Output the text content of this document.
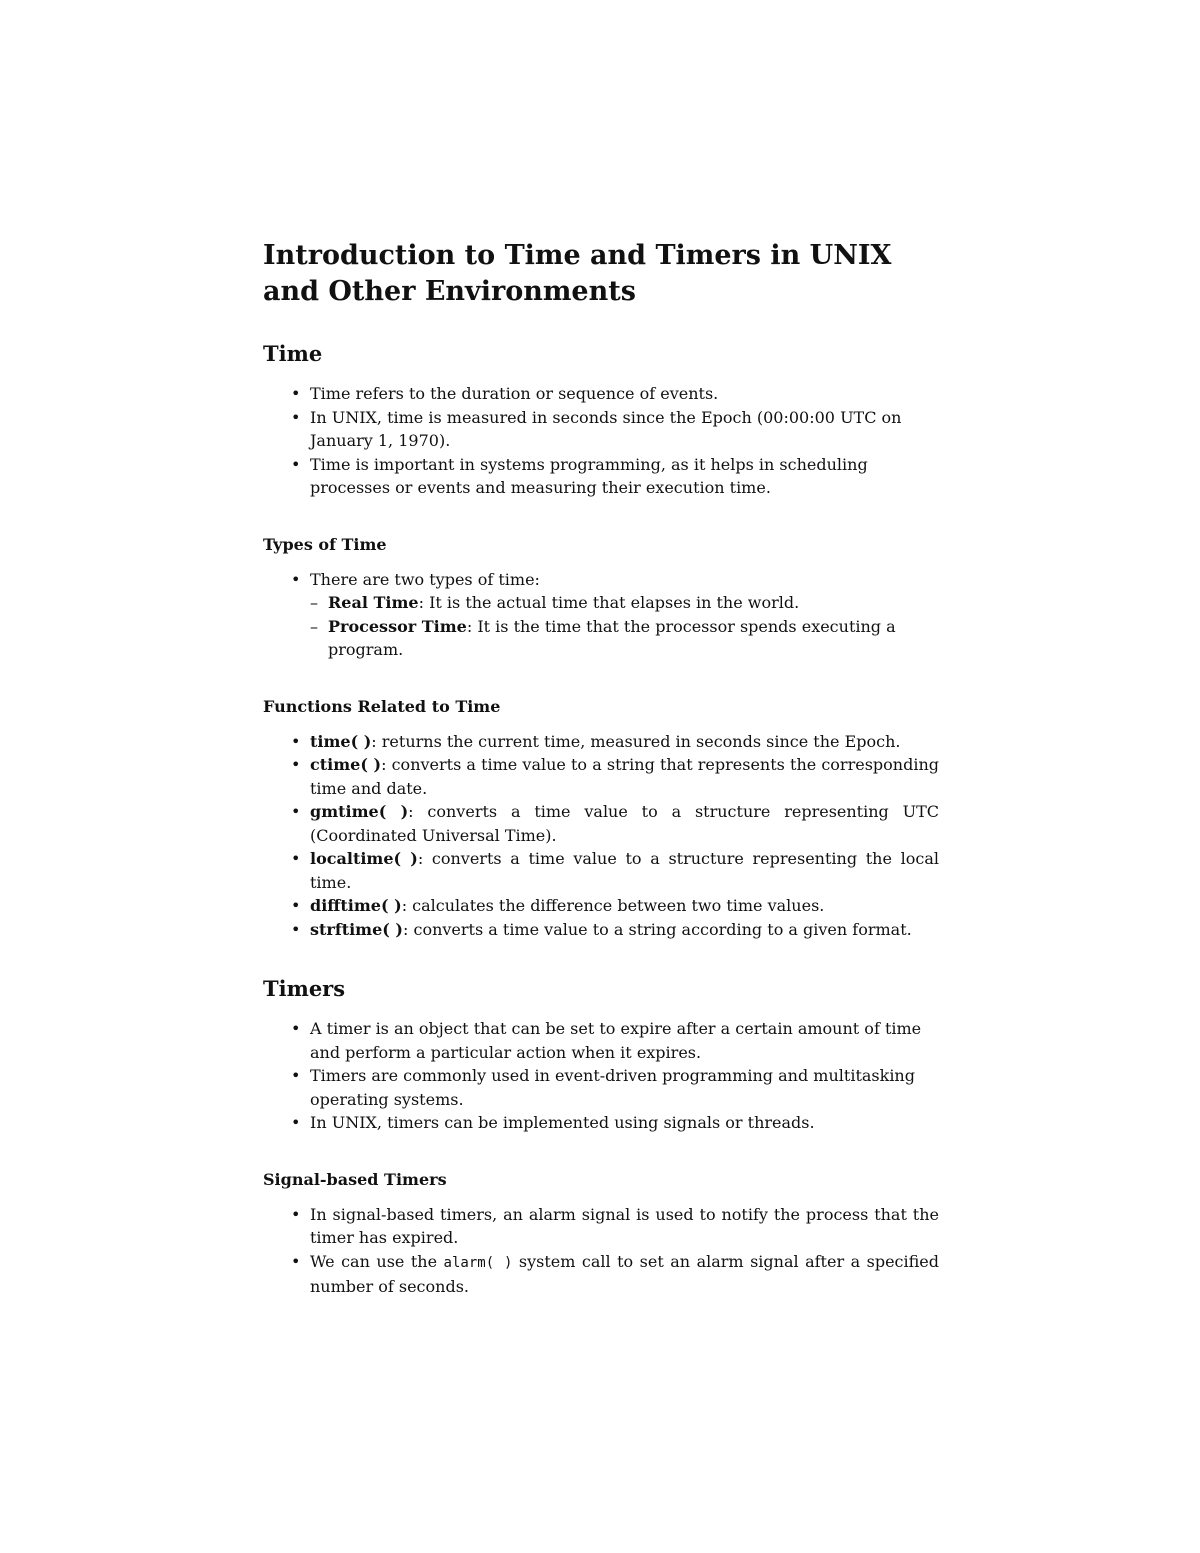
Introduction to Time and Timers in UNIX and Other Environments
Time
• Time refers to the duration or sequence of events.
• In UNIX, time is measured in seconds since the Epoch (00:00:00 UTC on January 1, 1970).
• Time is important in systems programming, as it helps in scheduling processes or events and measuring their execution time.
Types of Time
• There are two types of time:
– Real Time: It is the actual time that elapses in the world.
– Processor Time: It is the time that the processor spends executing a program.
Functions Related to Time
• time( ): returns the current time, measured in seconds since the Epoch.
• ctime( ): converts a time value to a string that represents the corresponding time and date.
• gmtime( ): converts a time value to a structure representing UTC (Coordinated Universal Time).
• localtime( ): converts a time value to a structure representing the local time.
• difftime( ): calculates the difference between two time values.
• strftime( ): converts a time value to a string according to a given format.
Timers
• A timer is an object that can be set to expire after a certain amount of time and perform a particular action when it expires.
• Timers are commonly used in event-driven programming and multitasking operating systems.
• In UNIX, timers can be implemented using signals or threads.
Signal-based Timers
• In signal-based timers, an alarm signal is used to notify the process that the timer has expired.
• We can use the alarm( ) system call to set an alarm signal after a specified number of seconds.
